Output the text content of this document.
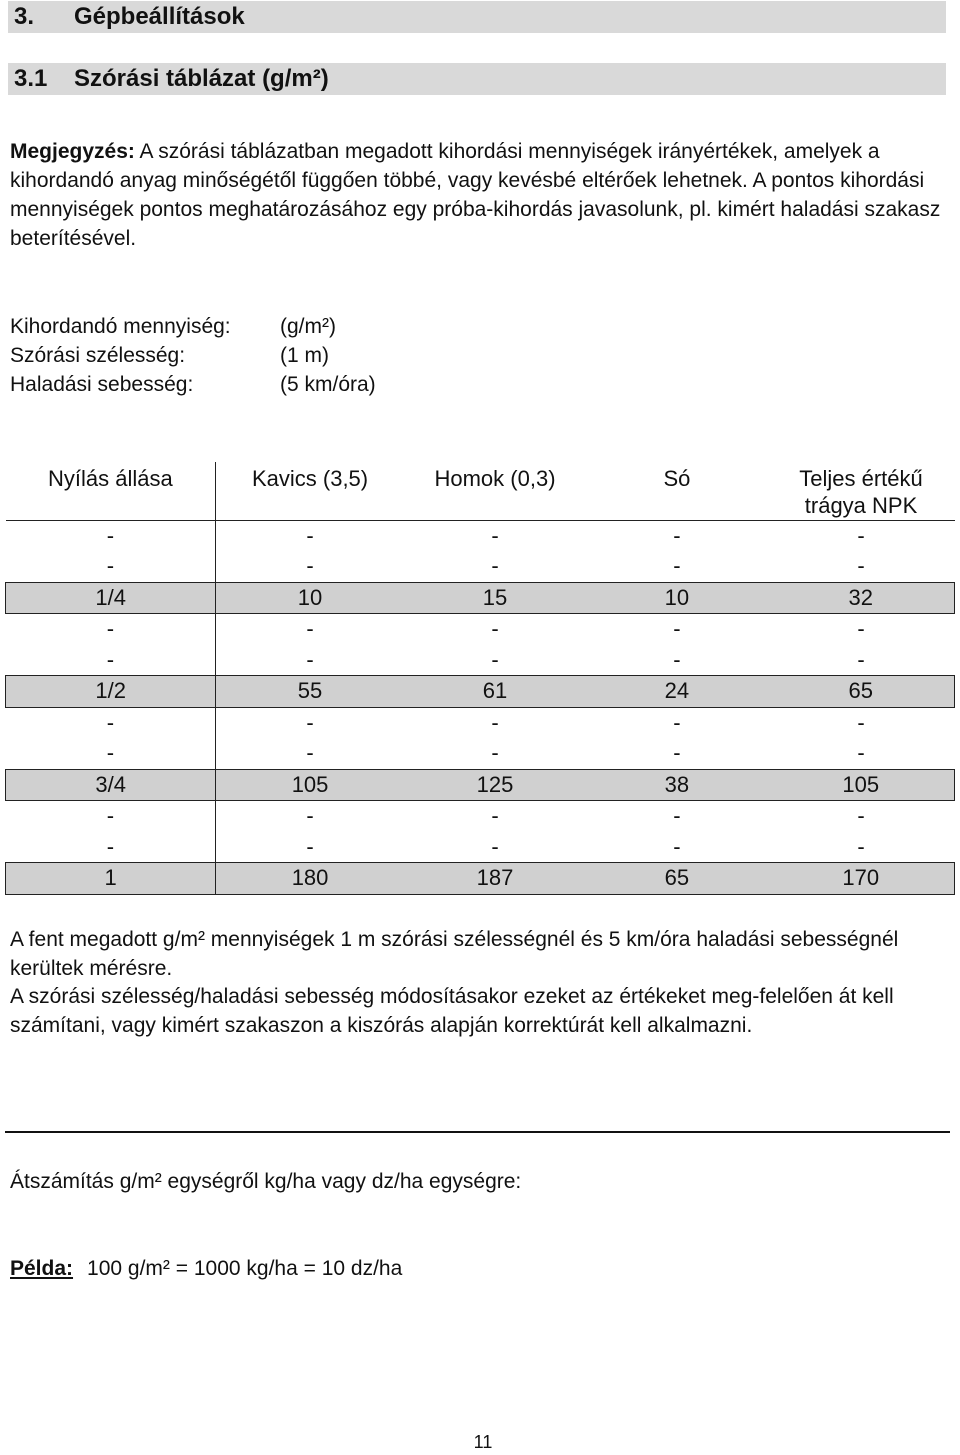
3. Gépbeállítások
3.1 Szórási táblázat (g/m²)
Megjegyzés: A szórási táblázatban megadott kihordási mennyiségek irányértékek, amelyek a kihordandó anyag minőségétől függően többé, vagy kevésbé eltérőek lehetnek. A pontos kihordási mennyiségek pontos meghatározásához egy próba-kihordás javasolunk, pl. kimért haladási szakasz beterítésével.
Kihordandó mennyiség: (g/m²)
Szórási szélesség:	(1 m)
Haladási sebesség:	(5 km/óra)
Nyílás állása	Kavics (3,5)	Homok (0,3)	Só	Teljes értékű trágya NPK
-	-	-	-	-
-	-	-	-	-
1/4	10	15	10	32
-	-	-	-	-
-	-	-	-	-
1/2	55	61	24	65
-	-	-	-	-
-	-	-	-	-
3/4	105	125	38	105
-	-	-	-	-
-	-	-	-	-
1	180	187	65	170
A fent megadott g/m² mennyiségek 1 m szórási szélességnél és 5 km/óra haladási sebességnél kerültek mérésre.
A szórási szélesség/haladási sebesség módosításakor ezeket az értékeket meg-felelően át kell számítani, vagy kimért szakaszon a kiszórás alapján korrektúrát kell alkalmazni.
Átszámítás g/m² egységről kg/ha vagy dz/ha egységre:
Példa: 100 g/m² = 1000 kg/ha = 10 dz/ha
11
